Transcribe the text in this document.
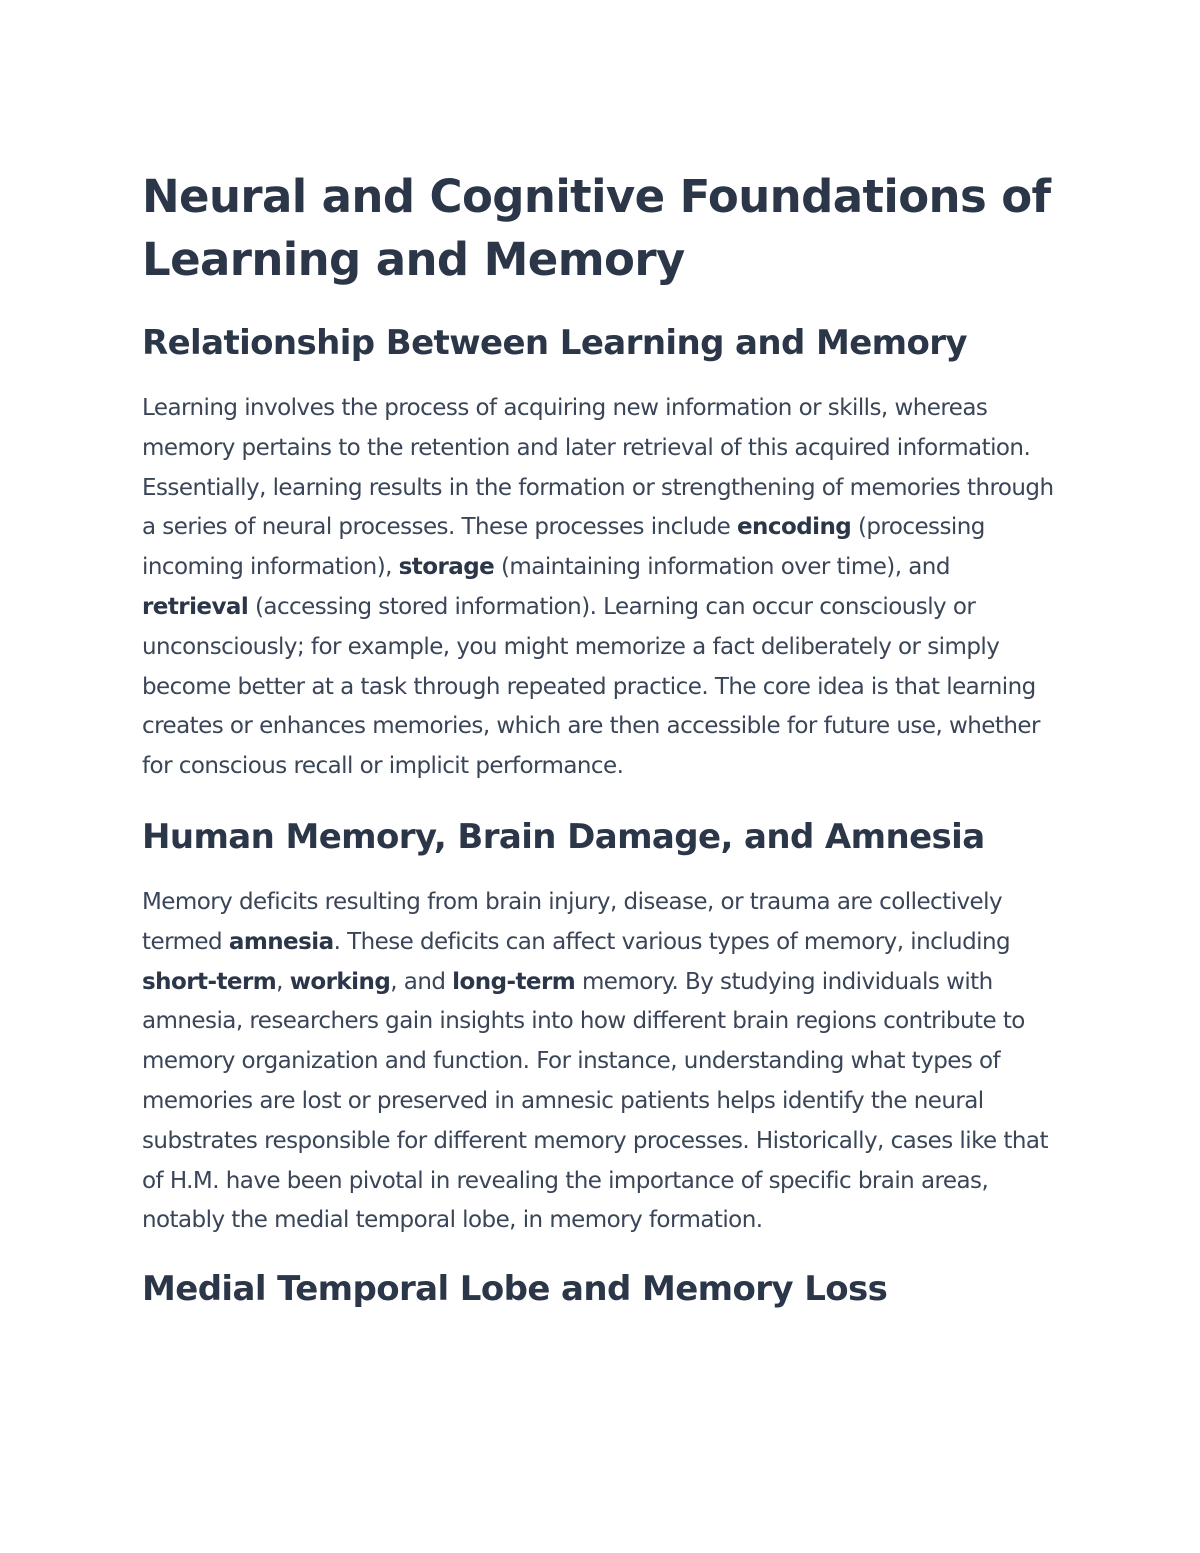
Neural and Cognitive Foundations of Learning and Memory
Relationship Between Learning and Memory

Learning involves the process of acquiring new information or skills, whereas memory pertains to the retention and later retrieval of this acquired information. Essentially, learning results in the formation or strengthening of memories through a series of neural processes. These processes include encoding (processing incoming information), storage (maintaining information over time), and retrieval (accessing stored information). Learning can occur consciously or unconsciously; for example, you might memorize a fact deliberately or simply become better at a task through repeated practice. The core idea is that learning creates or enhances memories, which are then accessible for future use, whether for conscious recall or implicit performance.

Human Memory, Brain Damage, and Amnesia

Memory deficits resulting from brain injury, disease, or trauma are collectively termed amnesia. These deficits can affect various types of memory, including short-term, working, and long-term memory. By studying individuals with amnesia, researchers gain insights into how different brain regions contribute to memory organization and function. For instance, understanding what types of memories are lost or preserved in amnesic patients helps identify the neural substrates responsible for different memory processes. Historically, cases like that of H.M. have been pivotal in revealing the importance of specific brain areas, notably the medial temporal lobe, in memory formation.

Medial Temporal Lobe and Memory Loss
